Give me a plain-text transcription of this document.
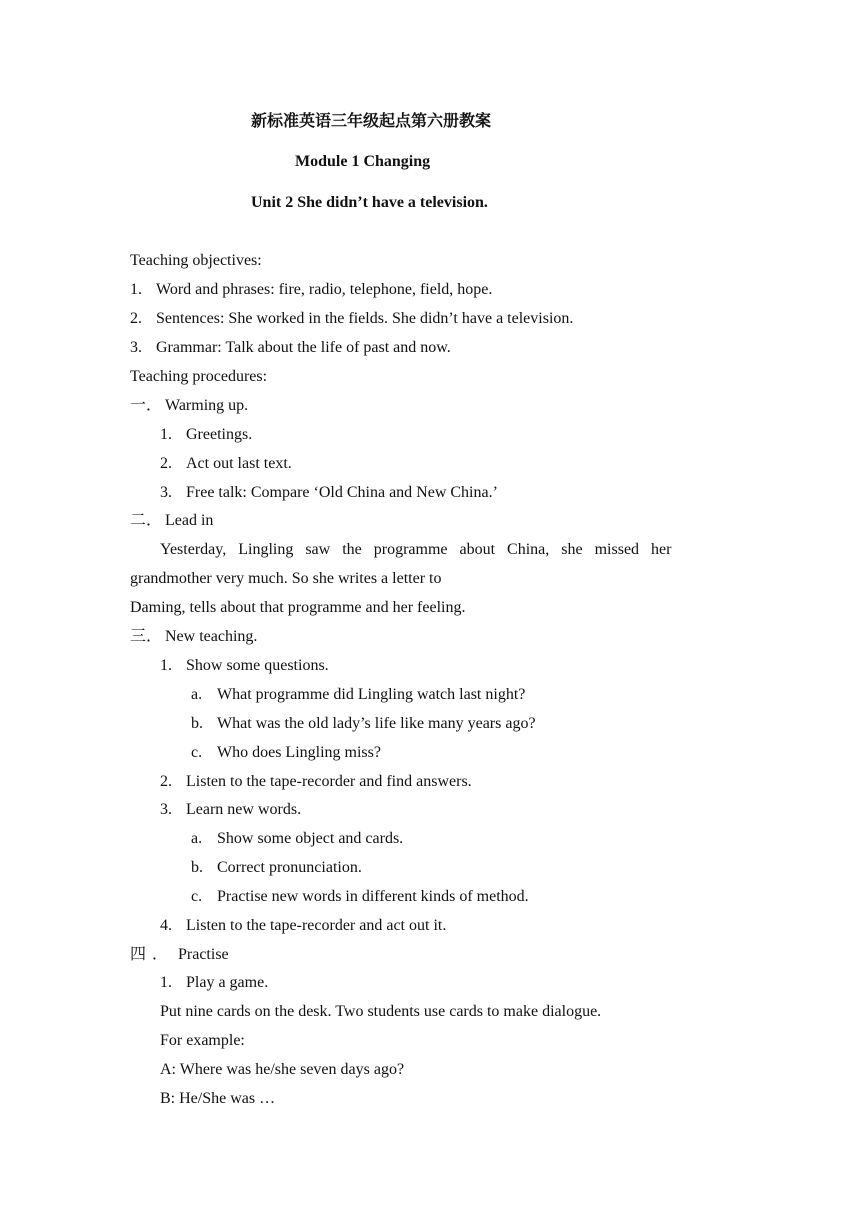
新标准英语三年级起点第六册教案
Module 1 Changing
Unit 2 She didn’t have a television.
Teaching objectives:
1. Word and phrases: fire, radio, telephone, field, hope.
2. Sentences: She worked in the fields. She didn’t have a television.
3. Grammar: Talk about the life of past and now.
Teaching procedures:
一． Warming up.
1. Greetings.
2. Act out last text.
3. Free talk: Compare ‘Old China and New China.’
二． Lead in
Yesterday,   Lingling   saw   the   programme   about   China,   she   missed   her
grandmother very much. So she writes a letter to
Daming, tells about that programme and her feeling.
三． New teaching.
1. Show some questions.
a. What programme did Lingling watch last night?
b. What was the old lady’s life like many years ago?
c. Who does Lingling miss?
2. Listen to the tape-recorder and find answers.
3. Learn new words.
a. Show some object and cards.
b. Correct pronunciation.
c. Practise new words in different kinds of method.
4. Listen to the tape-recorder and act out it.
四 ． Practise
1. Play a game.
Put nine cards on the desk. Two students use cards to make dialogue.
For example:
A: Where was he/she seven days ago?
B: He/She was …
